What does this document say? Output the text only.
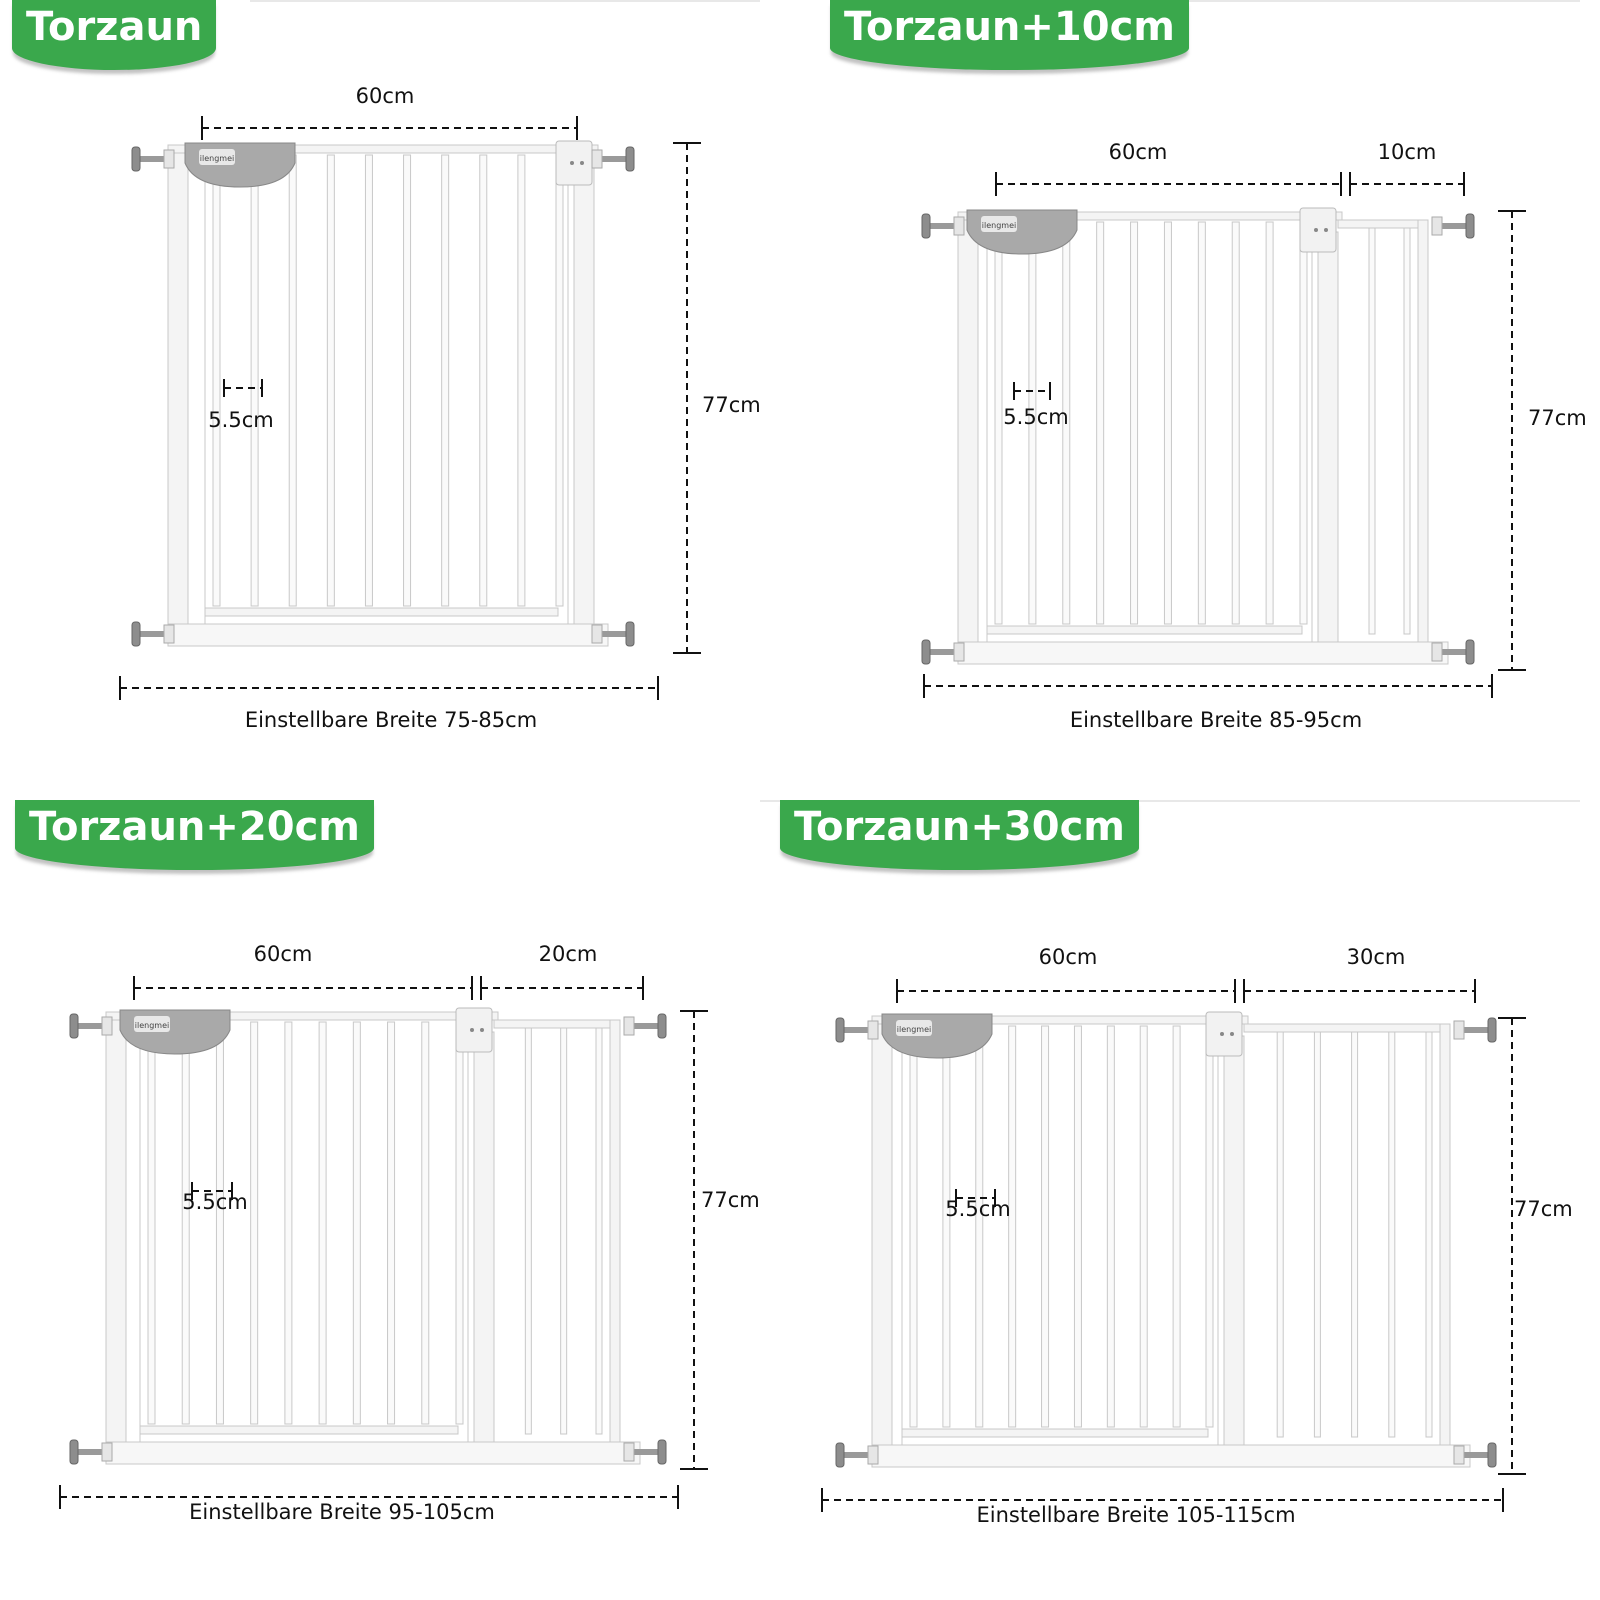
Torzaun
ilengmei
60cm
5.5cm
77cm
Einstellbare Breite 75-85cm
Torzaun+10cm
ilengmei
60cm	10cm
5.5cm	77cm
Einstellbare Breite 85-95cm
Torzaun+20cm
ilengmei
60cm	20cm
5.5cm	77cm
Einstellbare Breite 95-105cm
Torzaun+30cm
ilengmei
60cm	30cm
5.5cm	77cm
Einstellbare Breite 105-115cm
